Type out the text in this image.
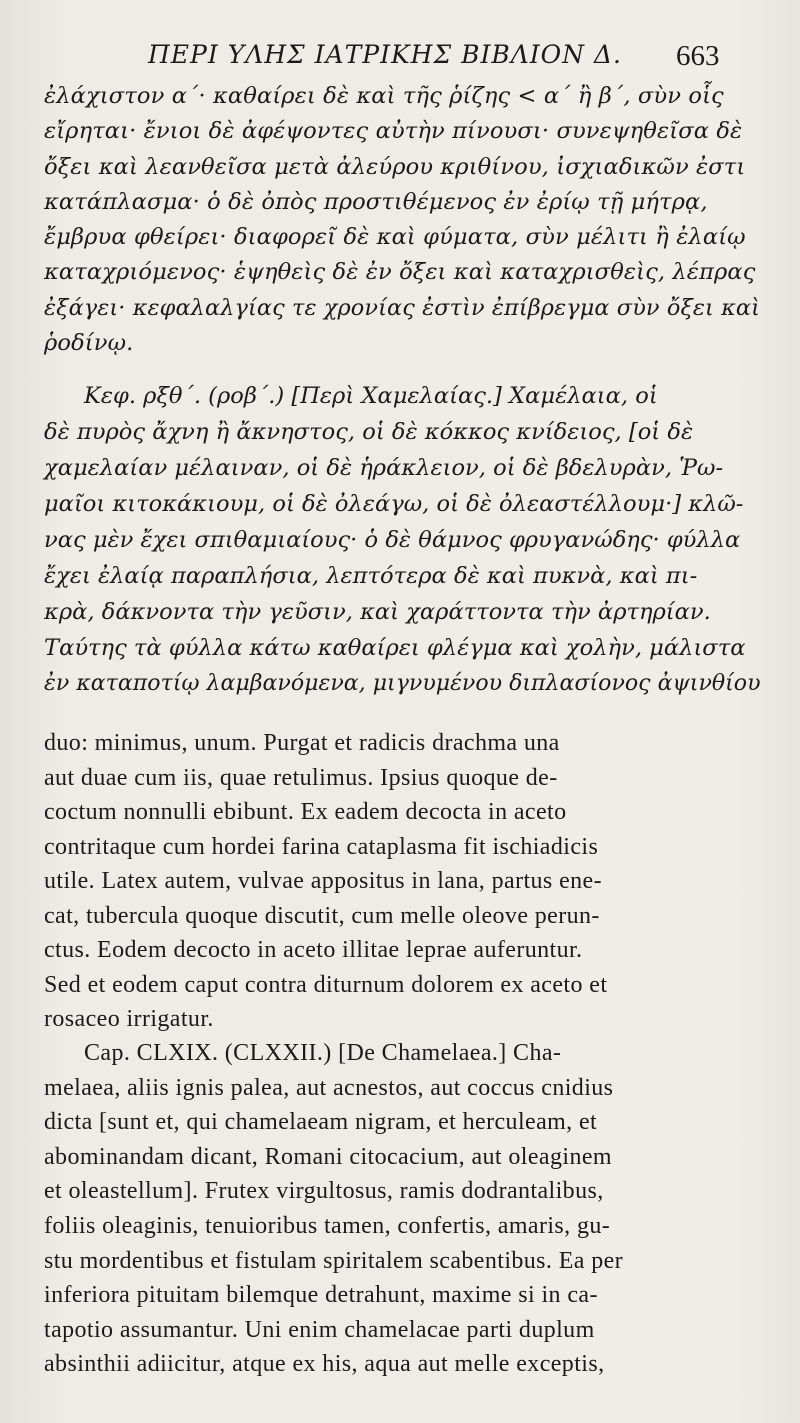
ΠΕΡΙ ΥΛΗΣ ΙΑΤΡΙΚΗΣ ΒΙΒΛΙΟΝ Δ. 663
ἐλάχιστον α΄· καθαίρει δὲ καὶ τῆς ῥίζης < α΄ ἢ β΄, σὺν οἷς
εἴρηται· ἔνιοι δὲ ἀφέψοντες αὐτὴν πίνουσι· συνεψηθεῖσα δὲ
ὄξει καὶ λεανθεῖσα μετὰ ἀλεύρου κριθίνου, ἰσχιαδικῶν ἐστι
κατάπλασμα· ὁ δὲ ὀπὸς προστιθέμενος ἐν ἐρίῳ τῇ μήτρᾳ,
ἔμβρυα φθείρει· διαφορεῖ δὲ καὶ φύματα, σὺν μέλιτι ἢ ἐλαίῳ
καταχριόμενος· ἑψηθεὶς δὲ ἐν ὄξει καὶ καταχρισθεὶς, λέπρας
ἐξάγει· κεφαλαλγίας τε χρονίας ἐστὶν ἐπίβρεγμα σὺν ὄξει καὶ
ῥοδίνῳ.
Κεφ. ρξθ΄. (ροβ΄.) [Περὶ Χαμελαίας.] Χαμέλαια, οἱ
δὲ πυρὸς ἄχνη ἢ ἄκνηστος, οἱ δὲ κόκκος κνίδειος, [οἱ δὲ
χαμελαίαν μέλαιναν, οἱ δὲ ἡράκλειον, οἱ δὲ βδελυρὰν, Ῥω-
μαῖοι κιτοκάκιουμ, οἱ δὲ ὀλεάγω, οἱ δὲ ὀλεαστέλλουμ·] κλῶ-
νας μὲν ἔχει σπιθαμιαίους· ὁ δὲ θάμνος φρυγανώδης· φύλλα
ἔχει ἐλαίᾳ παραπλήσια, λεπτότερα δὲ καὶ πυκνὰ, καὶ πι-
κρὰ, δάκνοντα τὴν γεῦσιν, καὶ χαράττοντα τὴν ἀρτηρίαν.
Ταύτης τὰ φύλλα κάτω καθαίρει φλέγμα καὶ χολὴν, μάλιστα
ἐν καταποτίῳ λαμβανόμενα, μιγνυμένου διπλασίονος ἀψινθίου
duo: minimus, unum. Purgat et radicis drachma una
aut duae cum iis, quae retulimus. Ipsius quoque de-
coctum nonnulli ebibunt. Ex eadem decocta in aceto
contritaque cum hordei farina cataplasma fit ischiadicis
utile. Latex autem, vulvae appositus in lana, partus ene-
cat, tubercula quoque discutit, cum melle oleove perun-
ctus. Eodem decocto in aceto illitae leprae auferuntur.
Sed et eodem caput contra diturnum dolorem ex aceto et
rosaceo irrigatur.
Cap. CLXIX. (CLXXII.) [De Chamelaea.] Cha-
melaea, aliis ignis palea, aut acnestos, aut coccus cnidius
dicta [sunt et, qui chamelaeam nigram, et herculeam, et
abominandam dicant, Romani citocacium, aut oleaginem
et oleastellum]. Frutex virgultosus, ramis dodrantalibus,
foliis oleaginis, tenuioribus tamen, confertis, amaris, gu-
stu mordentibus et fistulam spiritalem scabentibus. Ea per
inferiora pituitam bilemque detrahunt, maxime si in ca-
tapotio assumantur. Uni enim chamelacae parti duplum
absinthii adiicitur, atque ex his, aqua aut melle exceptis,
